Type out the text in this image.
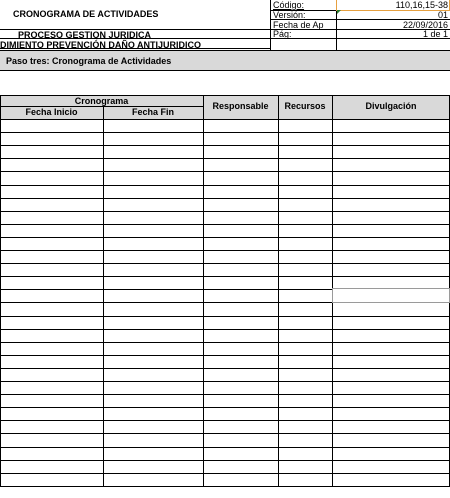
CRONOGRAMA DE ACTIVIDADES
PROCESO GESTION JURIDICA
DIMIENTO PREVENCIÓN DAÑO ANTIJURIDICO
Código:	110,16,15-38
Versión:	01
Fecha de Ap	22/09/2016
Pág:	1 de 1
Paso tres: Cronograma de Actividades
Cronograma
Fecha Inicio	Fecha Fin
Responsable	Recursos	Divulgación
